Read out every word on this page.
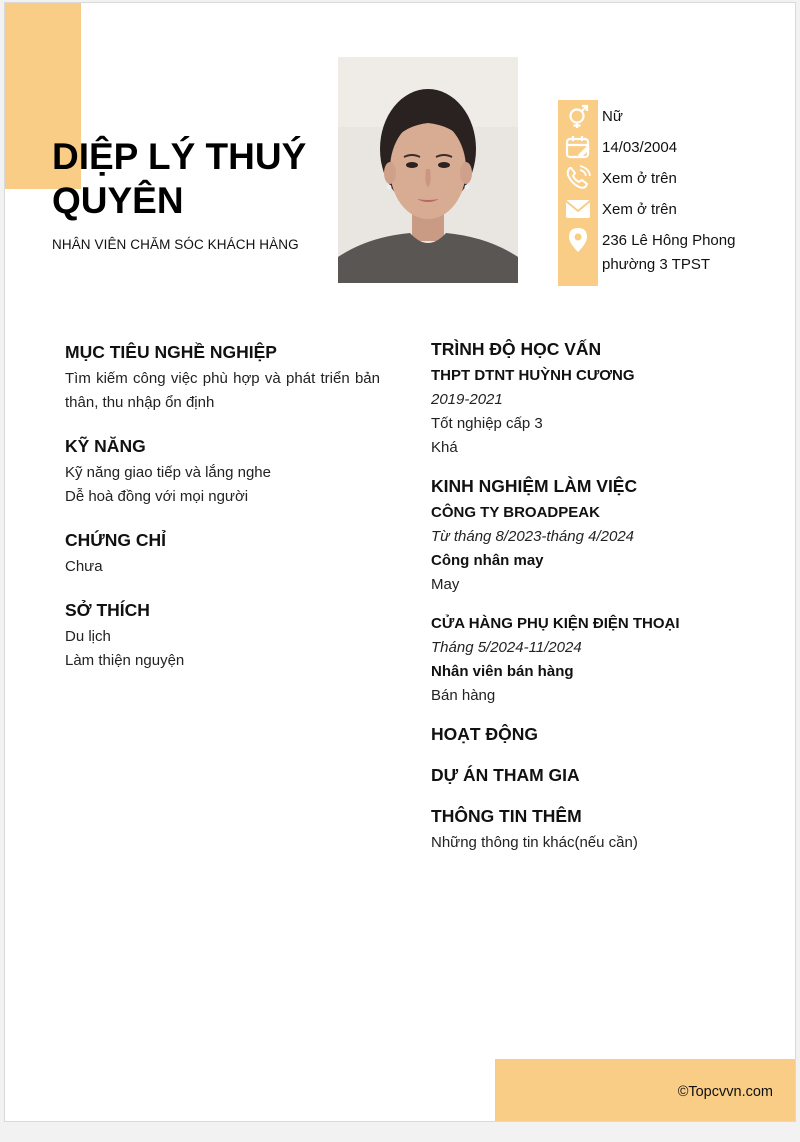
DIỆP LÝ THUÝ QUYÊN
NHÂN VIÊN CHĂM SÓC KHÁCH HÀNG
Nữ
14/03/2004
Xem ở trên
Xem ở trên
236 Lê Hông Phong phường 3 TPST
MỤC TIÊU NGHỀ NGHIỆP
Tìm kiếm công việc phù hợp và phát triển bản thân, thu nhập ổn định
KỸ NĂNG
Kỹ năng giao tiếp và lắng nghe
Dễ hoà đồng với mọi người
CHỨNG CHỈ
Chưa
SỞ THÍCH
Du lịch
Làm thiện nguyện
TRÌNH ĐỘ HỌC VẤN
THPT DTNT HUỲNH CƯƠNG
2019-2021
Tốt nghiệp cấp 3
Khá
KINH NGHIỆM LÀM VIỆC
CÔNG TY BROADPEAK
Từ tháng 8/2023-tháng 4/2024
Công nhân may
May
CỬA HÀNG PHỤ KIỆN ĐIỆN THOẠI
Tháng 5/2024-11/2024
Nhân viên bán hàng
Bán hàng
HOẠT ĐỘNG
DỰ ÁN THAM GIA
THÔNG TIN THÊM
Những thông tin khác(nếu cần)
©Topcvvn.com
